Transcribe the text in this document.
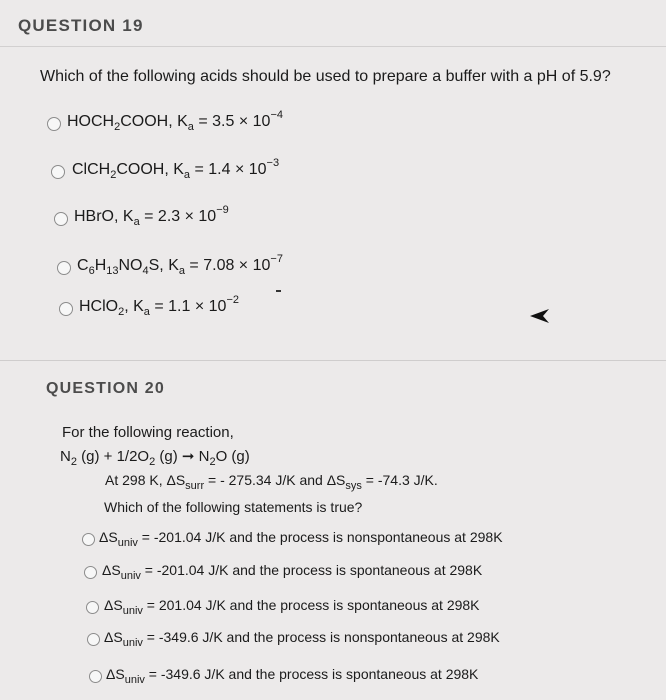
QUESTION 19
Which of the following acids should be used to prepare a buffer with a pH of 5.9?
$HOCH_2COOH$, $K_a = 3.5 \times 10^{-4}$
ClCH$_2$COOH, $K_a = 1.4 \times 10^{-3}$
HBrO, $K_a = 2.3 \times 10^{-9}$
$C_6H_{13}NO_4S$, $K_a = 7.08 \times 10^{-7}$
HClO$_2$, $K_a = 1.1 \times 10^{-2}$
QUESTION 20
For the following reaction,
$N_2$ $(g) + 1/2O_2$ (g) ➞ $N_2O$ (g)
At 298 K, $\Delta S_{surr}$ = - 275.34 J/K and $\Delta S_{sys} = -74.3$ J/K.
Which of the following statements is true?
$\Delta S_{univ} = -201.04$ J/K and the process is nonspontaneous at 298K
$\Delta S_{univ} = -201.04$ J/K and the process is spontaneous at 298K
$\Delta S_{univ} = 201.04$ J/K and the process is spontaneous at 298K
$\Delta S_{univ} = -349.6$ J/K and the process is nonspontaneous at 298K
$\Delta S_{univ} = -349.6$ J/K and the process is spontaneous at 298K
